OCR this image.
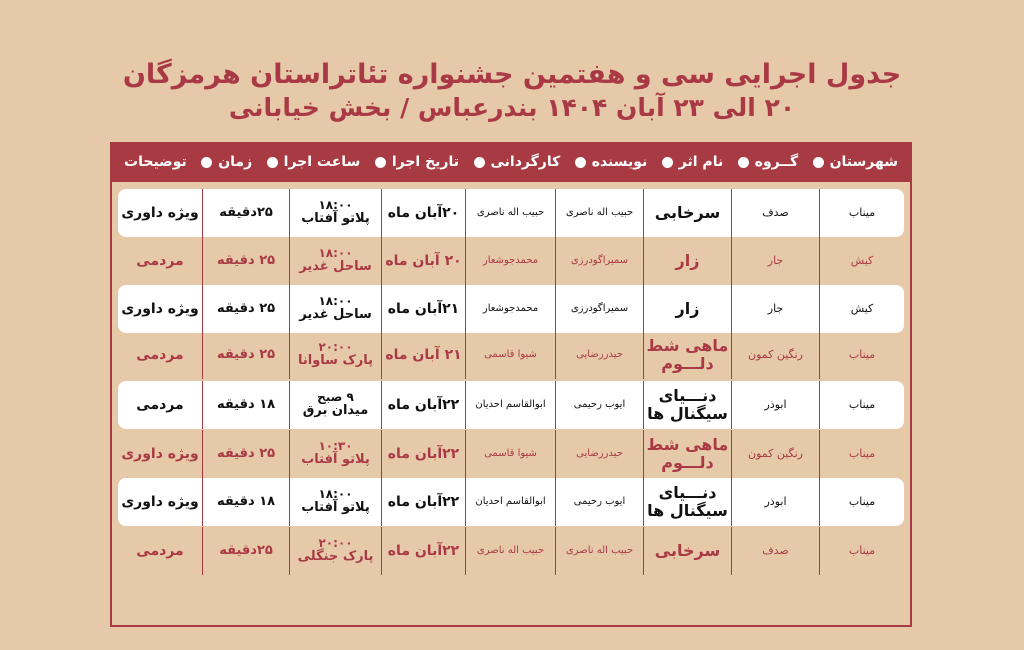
جدول اجرایی سی و هفتمین جشنواره تئاتراستان هرمزگان
۲۰ الی ۲۳ آبان ۱۴۰۴ بندرعباس / بخش خیابانی
شهرستان
گــروه
نام اثر
نویسنده
کارگردانی
تاریخ اجرا
ساعت اجرا
زمان
توضیحات
میناب
صدف
سرخابی
حبیب اله ناصری
حبیب اله ناصری
۲۰آبان ماه
۱۸:۰۰
پلاتو آفتاب
۲۵دقیقه
ویژه داوری
کیش
جار
زار
سمیراگودرزی
محمدجوشعار
۲۰ آبان ماه
۱۸:۰۰
ساحل غدیر
۲۵ دقیقه
مردمی
کیش
جار
زار
سمیراگودرزی
محمدجوشعار
۲۱آبان ماه
۱۸:۰۰
ساحل غدیر
۲۵ دقیقه
ویژه داوری
میناب
رنگین کمون
ماهی شط دلـــوم
حیدررضایی
شیوا قاسمی
۲۱ آبان ماه
۲۰:۰۰
پارک ساوانا
۲۵ دقیقه
مردمی
میناب
ابوذر
دنـــیای سیگنال ها
ایوب رحیمی
ابوالقاسم احدیان
۲۲آبان ماه
۹ صبح
میدان برق
۱۸ دقیقه
مردمی
میناب
رنگین کمون
ماهی شط دلـــوم
حیدررضایی
شیوا قاسمی
۲۲آبان ماه
۱۰:۳۰
پلاتو آفتاب
۲۵ دقیقه
ویژه داوری
میناب
ابوذر
دنـــیای سیگنال ها
ایوب رحیمی
ابوالقاسم احدیان
۲۲آبان ماه
۱۸:۰۰
پلاتو آفتاب
۱۸ دقیقه
ویژه داوری
میناب
صدف
سرخابی
حبیب اله ناصری
حبیب اله ناصری
۲۲آبان ماه
۲۰:۰۰
پارک جنگلی
۲۵دقیقه
مردمی
